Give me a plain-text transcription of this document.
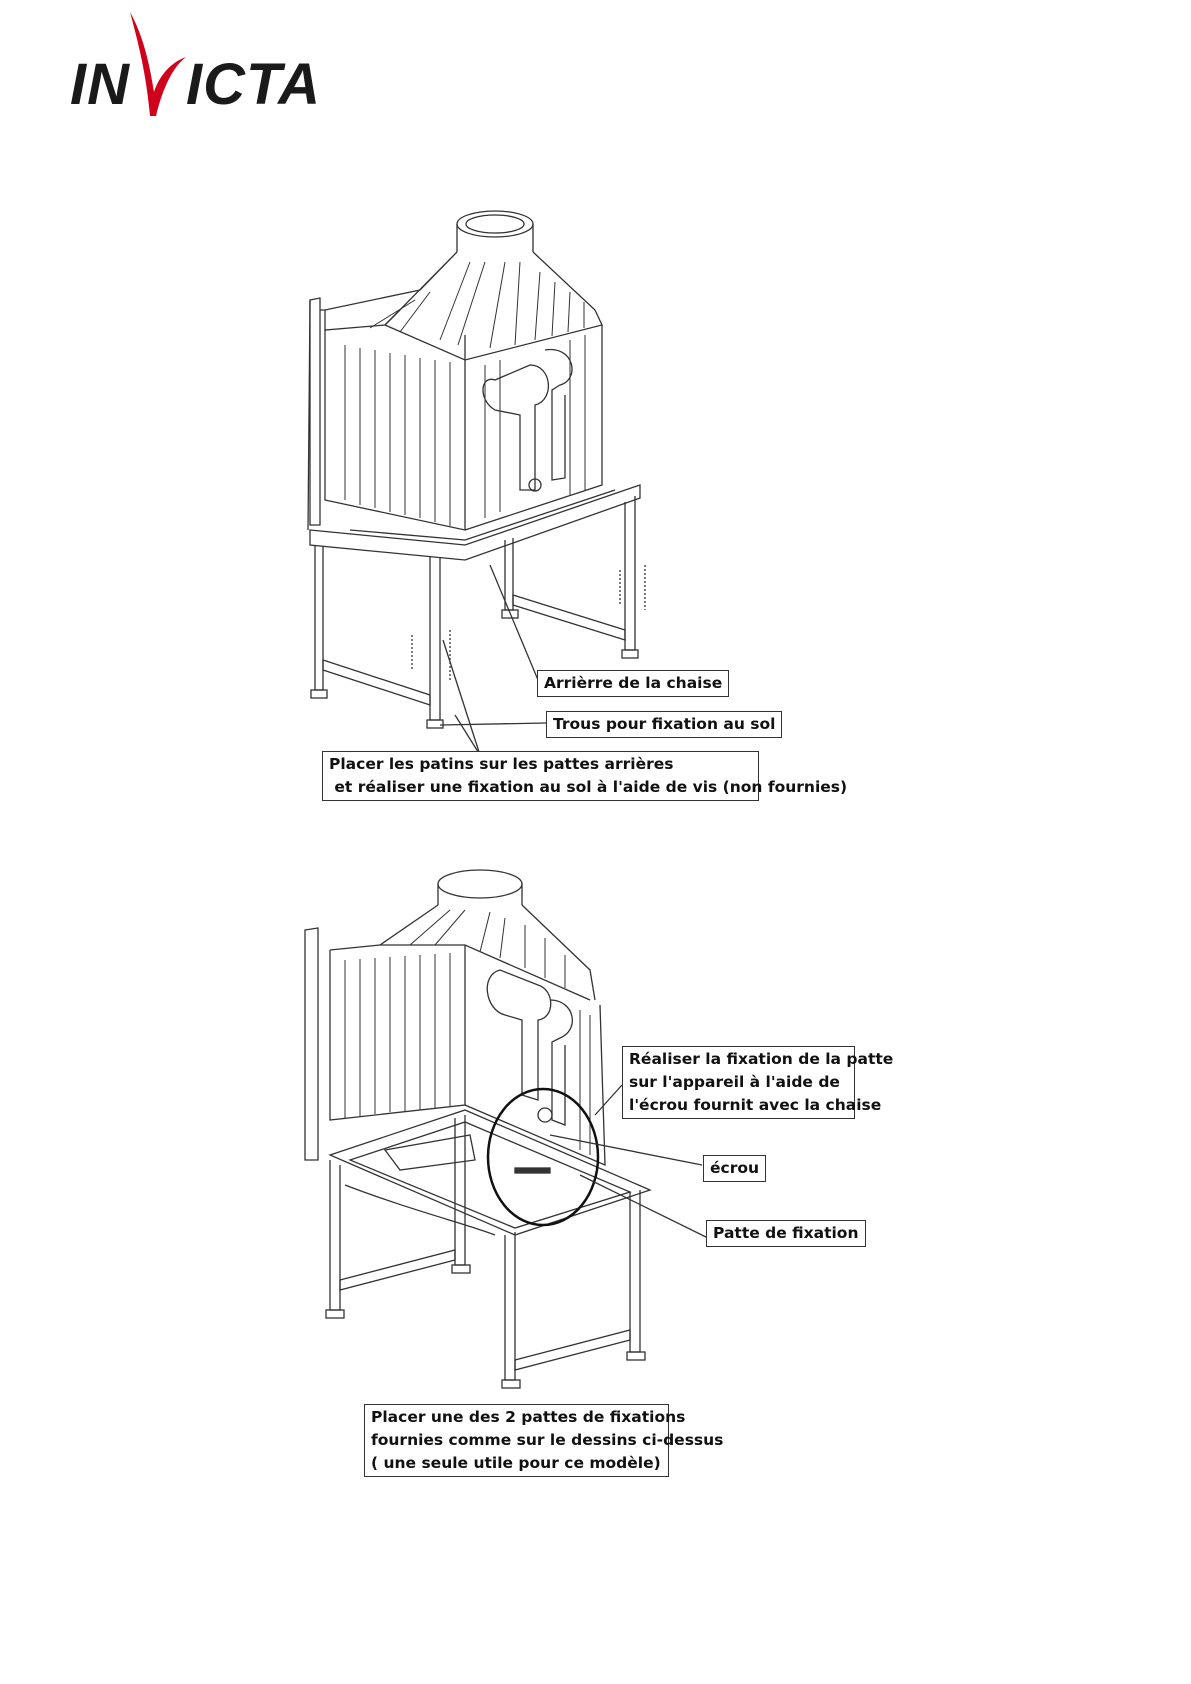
IN ICTA
Arrièrre de la chaise
Trous pour fixation au sol
Placer les patins sur les pattes arrières
et réaliser une fixation au sol à l'aide de vis (non fournies)
Réaliser la fixation de la patte
sur l'appareil à l'aide de
l'écrou fournit avec la chaise
écrou
Patte de fixation
Placer une des 2 pattes de fixations
fournies comme sur le dessins ci-dessus
( une seule utile pour ce modèle)
